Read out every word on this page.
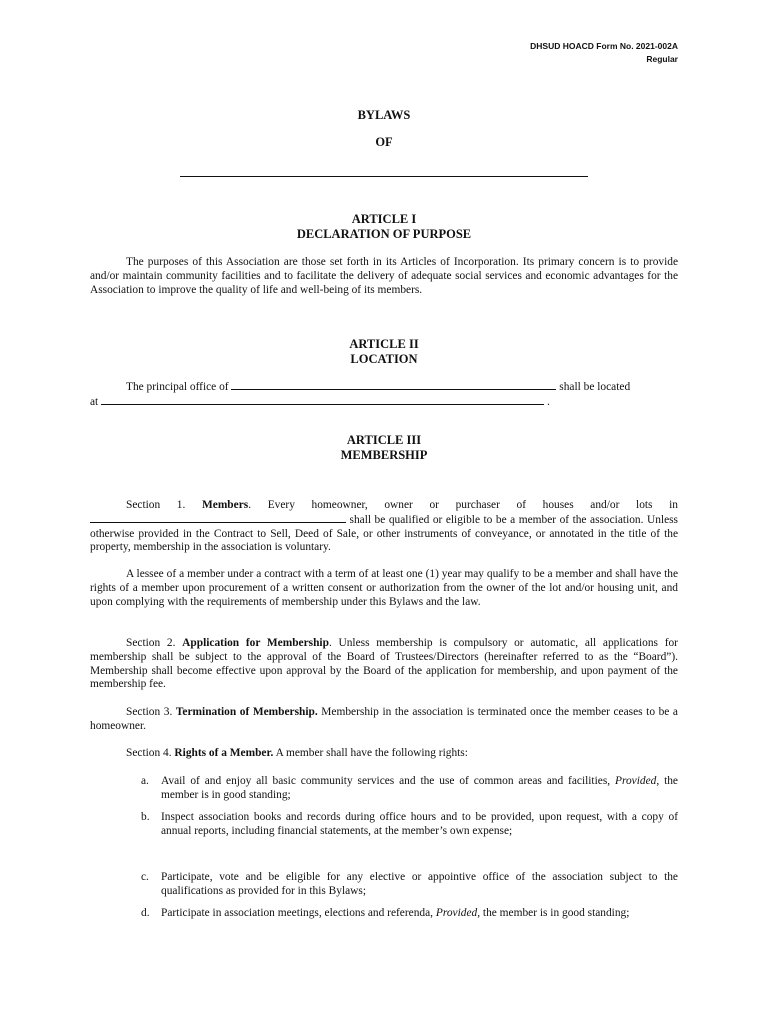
DHSUD HOACD Form No. 2021-002A
Regular
BYLAWS
OF
ARTICLE I
DECLARATION OF PURPOSE
The purposes of this Association are those set forth in its Articles of Incorporation. Its primary concern is to provide and/or maintain community facilities and to facilitate the delivery of adequate social services and economic advantages for the Association to improve the quality of life and well-being of its members.
ARTICLE II
LOCATION
The principal office of	shall be located
at	.
ARTICLE III
MEMBERSHIP
Section 1. Members. Every homeowner, owner or purchaser of houses and/or lots in  shall be qualified or eligible to be a member of the association. Unless otherwise provided in the Contract to Sell, Deed of Sale, or other instruments of conveyance, or annotated in the title of the property, membership in the association is voluntary.
A lessee of a member under a contract with a term of at least one (1) year may qualify to be a member and shall have the rights of a member upon procurement of a written consent or authorization from the owner of the lot and/or housing unit, and upon complying with the requirements of membership under this Bylaws and the law.
Section 2. Application for Membership. Unless membership is compulsory or automatic, all applications for membership shall be subject to the approval of the Board of Trustees/Directors (hereinafter referred to as the “Board”). Membership shall become effective upon approval by the Board of the application for membership, and upon payment of the membership fee.
Section 3. Termination of Membership. Membership in the association is terminated once the member ceases to be a homeowner.
Section 4. Rights of a Member. A member shall have the following rights:
a. Avail of and enjoy all basic community services and the use of common areas and facilities, Provided, the member is in good standing;
b. Inspect association books and records during office hours and to be provided, upon request, with a copy of annual reports, including financial statements, at the member’s own expense;
c. Participate, vote and be eligible for any elective or appointive office of the association subject to the qualifications as provided for in this Bylaws;
d. Participate in association meetings, elections and referenda, Provided, the member is in good standing;
